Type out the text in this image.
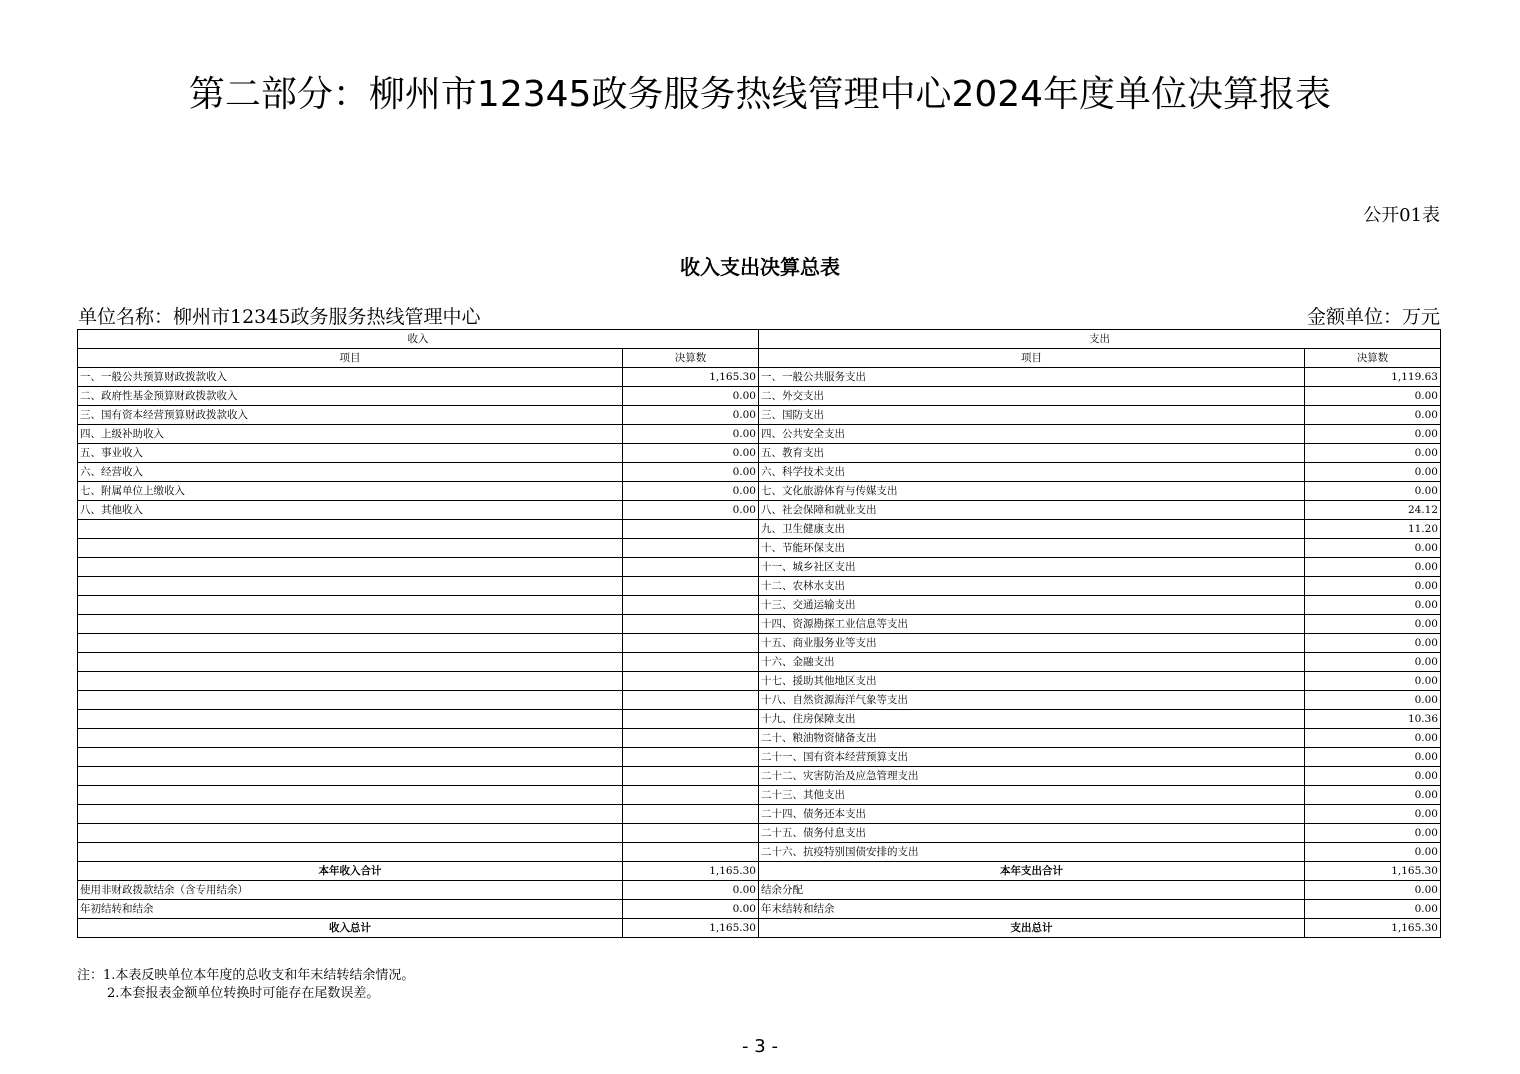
第二部分：柳州市12345政务服务热线管理中心2024年度单位决算报表
公开01表
收入支出决算总表
单位名称：柳州市12345政务服务热线管理中心	金额单位：万元
收入		支出	
项目	决算数	项目	决算数
一、一般公共预算财政拨款收入	1,165.30	一、一般公共服务支出	1,119.63
二、政府性基金预算财政拨款收入	0.00	二、外交支出	0.00
三、国有资本经营预算财政拨款收入	0.00	三、国防支出	0.00
四、上级补助收入	0.00	四、公共安全支出	0.00
五、事业收入	0.00	五、教育支出	0.00
六、经营收入	0.00	六、科学技术支出	0.00
七、附属单位上缴收入	0.00	七、文化旅游体育与传媒支出	0.00
八、其他收入	0.00	八、社会保障和就业支出	24.12
		九、卫生健康支出	11.20
		十、节能环保支出	0.00
		十一、城乡社区支出	0.00
		十二、农林水支出	0.00
		十三、交通运输支出	0.00
		十四、资源勘探工业信息等支出	0.00
		十五、商业服务业等支出	0.00
		十六、金融支出	0.00
		十七、援助其他地区支出	0.00
		十八、自然资源海洋气象等支出	0.00
		十九、住房保障支出	10.36
		二十、粮油物资储备支出	0.00
		二十一、国有资本经营预算支出	0.00
		二十二、灾害防治及应急管理支出	0.00
		二十三、其他支出	0.00
		二十四、债务还本支出	0.00
		二十五、债务付息支出	0.00
		二十六、抗疫特别国债安排的支出	0.00
本年收入合计	1,165.30	本年支出合计	1,165.30
使用非财政拨款结余（含专用结余）	0.00	结余分配	0.00
年初结转和结余	0.00	年末结转和结余	0.00
收入总计	1,165.30	支出总计	1,165.30
注：1.本表反映单位本年度的总收支和年末结转结余情况。
2.本套报表金额单位转换时可能存在尾数误差。
- 3 -
